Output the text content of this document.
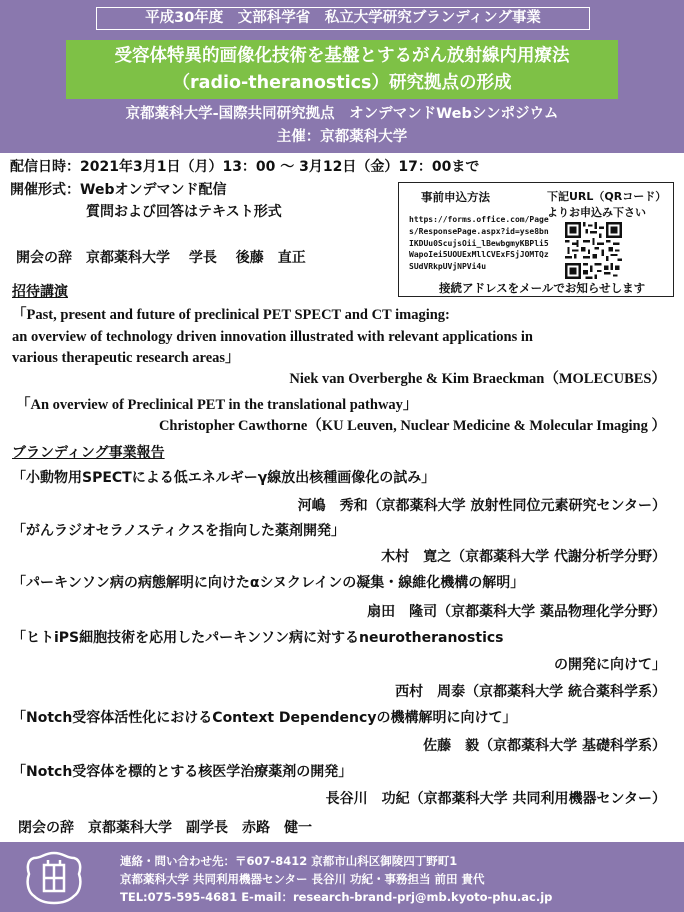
平成30年度　文部科学省　私立大学研究ブランディング事業
受容体特異的画像化技術を基盤とするがん放射線内用療法
（radio-theranostics）研究拠点の形成
京都薬科大学-国際共同研究拠点　オンデマンドWebシンポジウム
主催：京都薬科大学
配信日時：2021年3月1日（月）13：00 ～ 3月12日（金）17：00まで
開催形式：Webオンデマンド配信
質問および回答はテキスト形式
開会の辞　京都薬科大学　 学長　 後藤　直正
事前申込方法
https://forms.office.com/Pages/ResponsePage.aspx?id=yse8bnIKDUu0ScujsOii_lBewbgmyKBPli5WapoIei5UOUExMllCVExFSjJOMTQzSUdVRkpUVjNPVi4u
下記URL（QRコード）
よりお申込み下さい
接続アドレスをメールでお知らせします
招待講演
「Past, present and future of preclinical PET SPECT and CT imaging:
an overview of technology driven innovation illustrated with relevant applications in
various therapeutic research areas」
Niek van Overberghe & Kim Braeckman（MOLECUBES）
「An overview of Preclinical PET in the translational pathway」
Christopher Cawthorne（KU Leuven, Nuclear Medicine & Molecular Imaging ）
ブランディング事業報告
「小動物用SPECTによる低エネルギーγ線放出核種画像化の試み」
河嶋　秀和（京都薬科大学 放射性同位元素研究センター）
「がんラジオセラノスティクスを指向した薬剤開発」
木村　寛之（京都薬科大学 代謝分析学分野）
「パーキンソン病の病態解明に向けたαシヌクレインの凝集・線維化機構の解明」
扇田　隆司（京都薬科大学 薬品物理化学分野）
「ヒトiPS細胞技術を応用したパーキンソン病に対するneurotheranostics
の開発に向けて」
西村　周泰（京都薬科大学 統合薬科学系）
「Notch受容体活性化におけるContext Dependencyの機構解明に向けて」
佐藤　毅（京都薬科大学 基礎科学系）
「Notch受容体を標的とする核医学治療薬剤の開発」
長谷川　功紀（京都薬科大学 共同利用機器センター）
閉会の辞　京都薬科大学　副学長　赤路　健一
連絡・問い合わせ先：〒607-8412 京都市山科区御陵四丁野町1
京都薬科大学 共同利用機器センター 長谷川 功紀・事務担当 前田 貴代
TEL:075-595-4681 E-mail：research-brand-prj@mb.kyoto-phu.ac.jp
